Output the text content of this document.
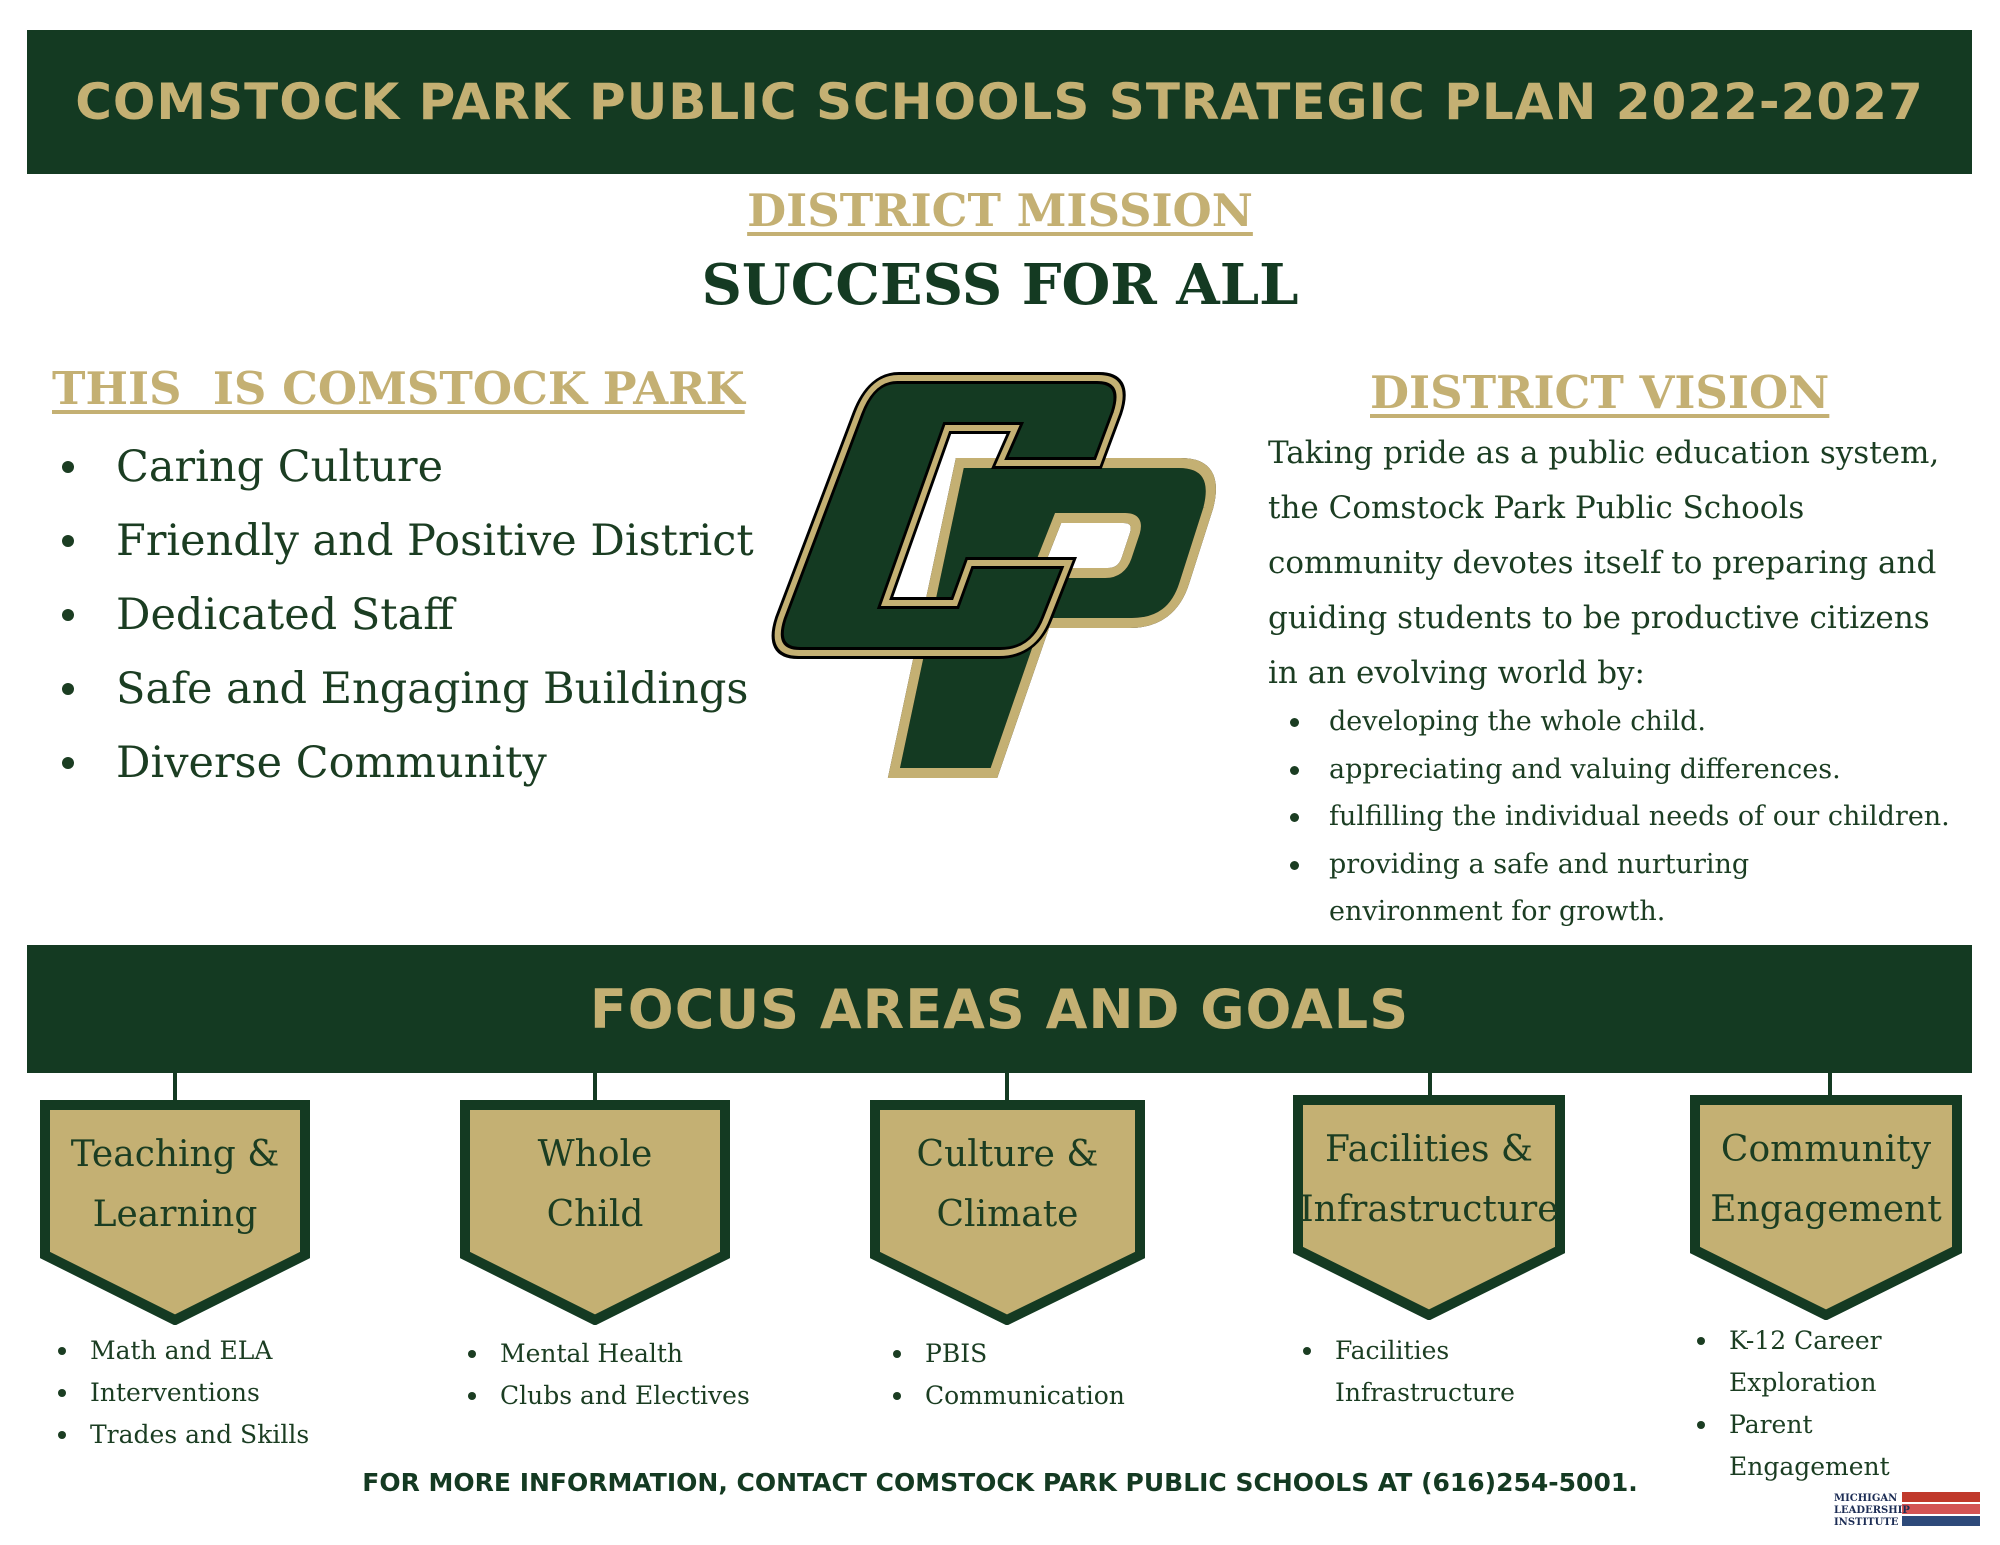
COMSTOCK PARK PUBLIC SCHOOLS STRATEGIC PLAN 2022-2027
DISTRICT MISSION
SUCCESS FOR ALL
THIS  IS COMSTOCK PARK
Caring Culture
Friendly and Positive District
Dedicated Staff
Safe and Engaging Buildings
Diverse Community
DISTRICT VISION
Taking pride as a public education system,
the Comstock Park Public Schools
community devotes itself to preparing and
guiding students to be productive citizens
in an evolving world by:
developing the whole child.
appreciating and valuing differences.
fulfilling the individual needs of our children.
providing a safe and nurturing
environment for growth.
FOCUS AREAS AND GOALS
Teaching &
Learning
Whole
Child
Culture &
Climate
Facilities &
Infrastructure
Community
Engagement
Math and ELA
Interventions
Trades and Skills
Mental Health
Clubs and Electives
PBIS
Communication
Facilities
Infrastructure
K-12 Career
Exploration
Parent
Engagement
FOR MORE INFORMATION, CONTACT COMSTOCK PARK PUBLIC SCHOOLS AT (616)254-5001.
MICHIGAN
LEADERSHIP
INSTITUTE
